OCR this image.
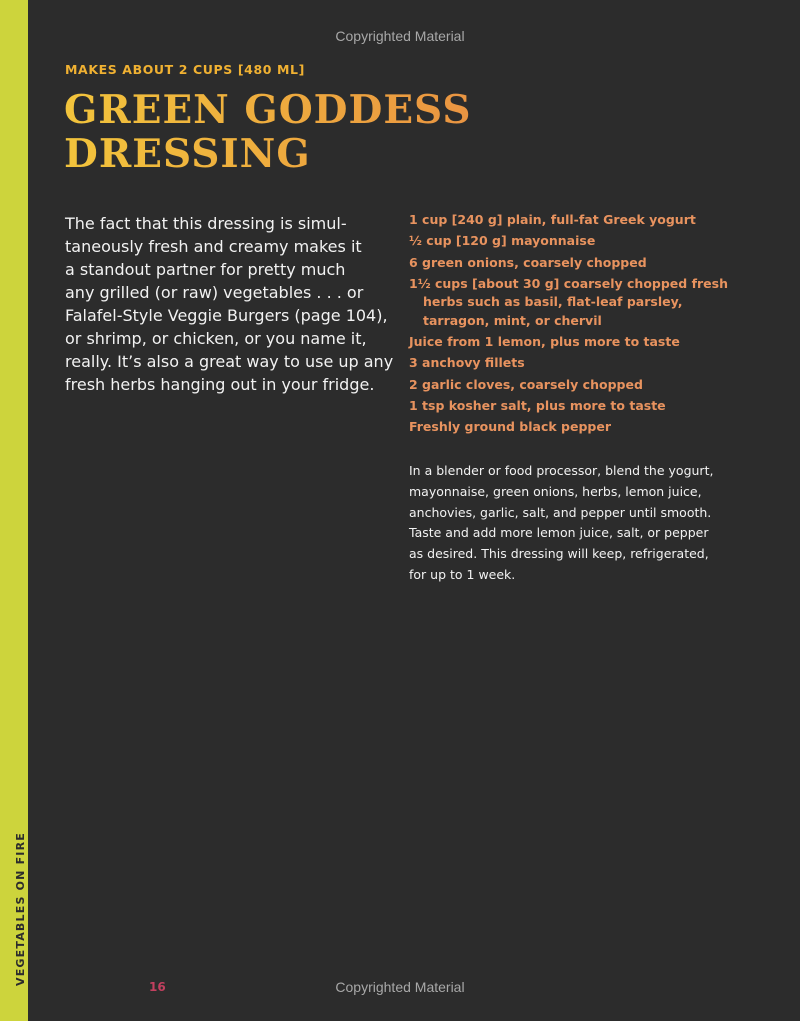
VEGETABLES ON FIRE
Copyrighted Material
MAKES ABOUT 2 CUPS [480 ML]
GREEN GODDESS
DRESSING
The fact that this dressing is simul-
taneously fresh and creamy makes it
a standout partner for pretty much
any grilled (or raw) vegetables . . . or
Falafel-Style Veggie Burgers (page 104),
or shrimp, or chicken, or you name it,
really. It’s also a great way to use up any
fresh herbs hanging out in your fridge.
1 cup [240 g] plain, full-fat Greek yogurt
½ cup [120 g] mayonnaise
6 green onions, coarsely chopped
1½ cups [about 30 g] coarsely chopped fresh
herbs such as basil, flat-leaf parsley,
tarragon, mint, or chervil
Juice from 1 lemon, plus more to taste
3 anchovy fillets
2 garlic cloves, coarsely chopped
1 tsp kosher salt, plus more to taste
Freshly ground black pepper
In a blender or food processor, blend the yogurt,
mayonnaise, green onions, herbs, lemon juice,
anchovies, garlic, salt, and pepper until smooth.
Taste and add more lemon juice, salt, or pepper
as desired. This dressing will keep, refrigerated,
for up to 1 week.
16	Copyrighted Material
